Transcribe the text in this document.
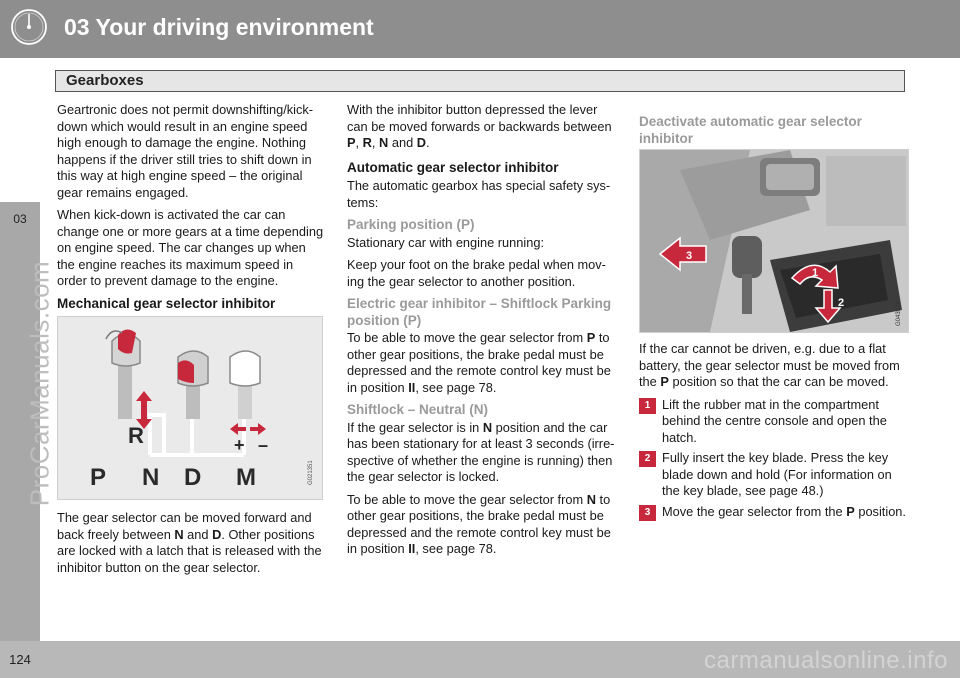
03 Your driving environment
Gearboxes
03
ProCarManuals.com

Geartronic does not permit downshifting/kick-down which would result in an engine speed high enough to damage the engine. Nothing happens if the driver still tries to shift down in this way at high engine speed – the original gear remains engaged.

When kick-down is activated the car can change one or more gears at a time depending on engine speed. The car changes up when the engine reaches its maximum speed in order to prevent damage to the engine.

Mechanical gear selector inhibitor
R	+ –
P N D M	G021351

The gear selector can be moved forward and back freely between N and D. Other positions are locked with a latch that is released with the inhibitor button on the gear selector.

With the inhibitor button depressed the lever can be moved forwards or backwards between P, R, N and D.

Automatic gear selector inhibitor

The automatic gearbox has special safety sys-tems:

Parking position (P)

Stationary car with engine running:

Keep your foot on the brake pedal when mov-ing the gear selector to another position.

Electric gear inhibitor – Shiftlock Parking position (P)

To be able to move the gear selector from P to other gear positions, the brake pedal must be depressed and the remote control key must be in position II, see page 78.

Shiftlock – Neutral (N)

If the gear selector is in N position and the car has been stationary for at least 3 seconds (irre-spective of whether the engine is running) then the gear selector is locked.

To be able to move the gear selector from N to other gear positions, the brake pedal must be depressed and the remote control key must be in position II, see page 78.

Deactivate automatic gear selector inhibitor
3
1
2	G043972

If the car cannot be driven, e.g. due to a flat battery, the gear selector must be moved from the P position so that the car can be moved.

1 Lift the rubber mat in the compartment behind the centre console and open the hatch.
2 Fully insert the key blade. Press the key blade down and hold (For information on the key blade, see page 48.)
3 Move the gear selector from the P position.
124	carmanualsonline.info
